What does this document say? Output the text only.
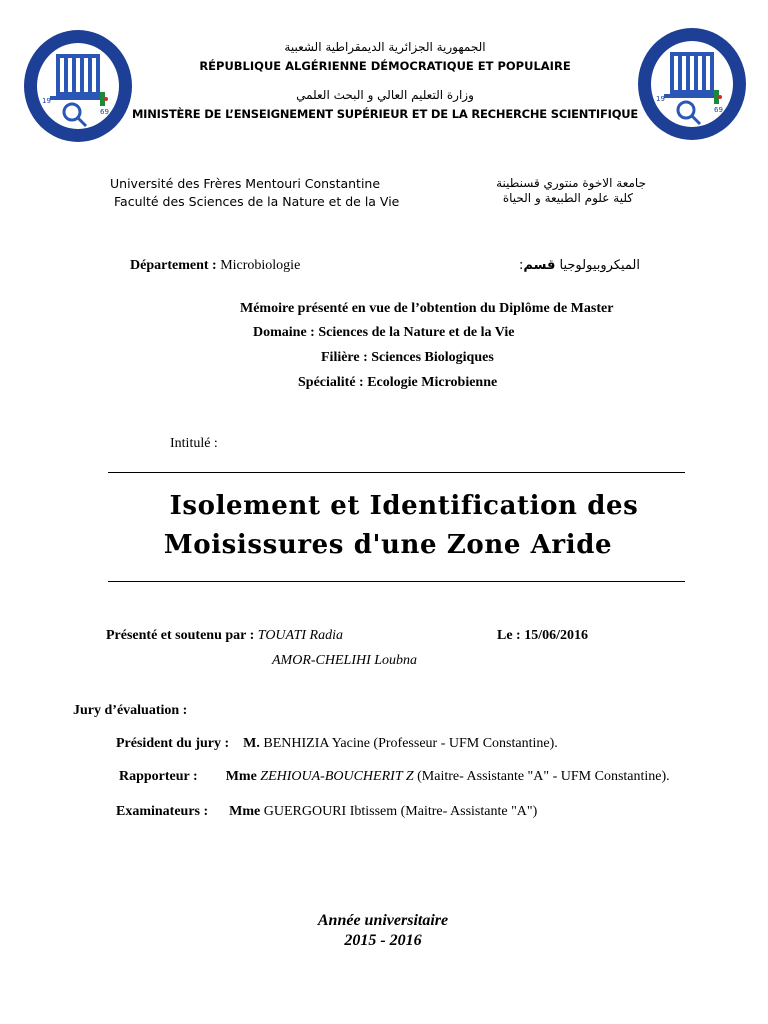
19
69
19
69
الجمهورية الجزائرية الديمقراطية الشعبية
RÉPUBLIQUE ALGÉRIENNE DÉMOCRATIQUE ET POPULAIRE
وزارة التعليم العالي و البحث العلمي
MINISTÈRE DE L’ENSEIGNEMENT SUPÉRIEUR ET DE LA RECHERCHE SCIENTIFIQUE
Université des Frères Mentouri Constantine
Faculté des Sciences de la Nature et de la Vie
جامعة الاخوة منتوري قسنطينة
كلية علوم الطبيعة و الحياة
Département : Microbiologie	:الميكروبيولوجيا قسم
Mémoire présenté en vue de l’obtention du Diplôme de Master
Domaine : Sciences de la Nature et de la Vie
Filière : Sciences Biologiques
Spécialité : Ecologie Microbienne
Intitulé :
Isolement et Identification des
Moisissures d'une Zone Aride
Présenté et soutenu par : TOUATI Radia	Le : 15/06/2016
AMOR-CHELIHI Loubna
Jury d’évaluation :
Président du jury : M. BENHIZIA Yacine (Professeur - UFM Constantine).
Rapporteur : Mme ZEHIOUA-BOUCHERIT Z (Maitre- Assistante "A" - UFM Constantine).
Examinateurs : Mme GUERGOURI Ibtissem (Maitre- Assistante "A")
Année universitaire
2015 - 2016
